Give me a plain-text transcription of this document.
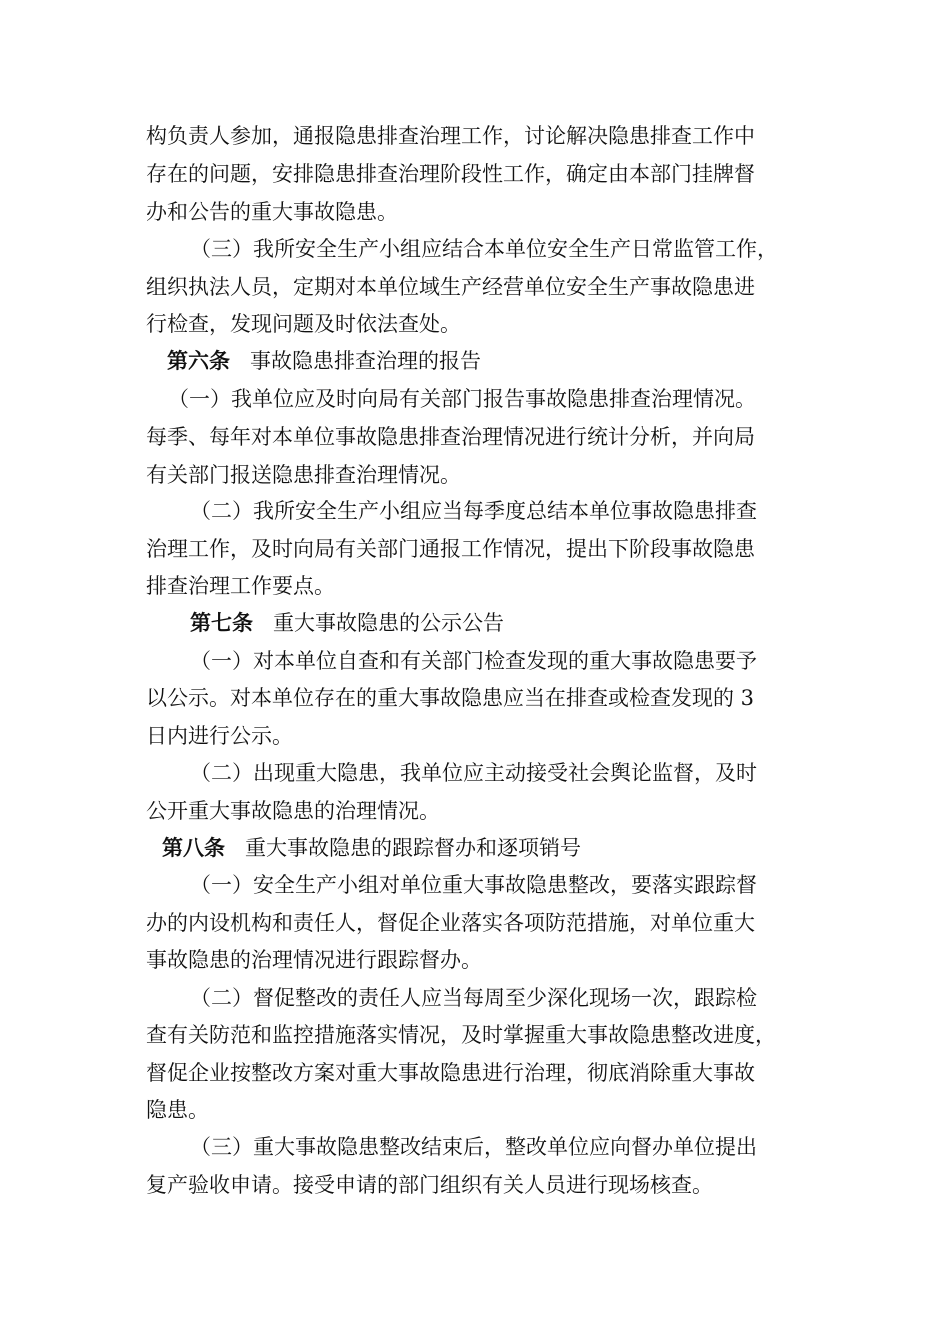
构负责人参加，通报隐患排查治理工作，讨论解决隐患排查工作中
存在的问题，安排隐患排查治理阶段性工作，确定由本部门挂牌督
办和公告的重大事故隐患。
（三）我所安全生产小组应结合本单位安全生产日常监管工作，
组织执法人员，定期对本单位域生产经营单位安全生产事故隐患进
行检查，发现问题及时依法查处。
第六条 事故隐患排查治理的报告
（一）我单位应及时向局有关部门报告事故隐患排查治理情况。
每季、每年对本单位事故隐患排查治理情况进行统计分析，并向局
有关部门报送隐患排查治理情况。
（二）我所安全生产小组应当每季度总结本单位事故隐患排查
治理工作，及时向局有关部门通报工作情况，提出下阶段事故隐患
排查治理工作要点。
第七条 重大事故隐患的公示公告
（一）对本单位自查和有关部门检查发现的重大事故隐患要予
以公示。对本单位存在的重大事故隐患应当在排查或检查发现的 3
日内进行公示。
（二）出现重大隐患，我单位应主动接受社会舆论监督，及时
公开重大事故隐患的治理情况。
第八条 重大事故隐患的跟踪督办和逐项销号
（一）安全生产小组对单位重大事故隐患整改，要落实跟踪督
办的内设机构和责任人，督促企业落实各项防范措施，对单位重大
事故隐患的治理情况进行跟踪督办。
（二）督促整改的责任人应当每周至少深化现场一次，跟踪检
查有关防范和监控措施落实情况，及时掌握重大事故隐患整改进度，
督促企业按整改方案对重大事故隐患进行治理，彻底消除重大事故
隐患。
（三）重大事故隐患整改结束后，整改单位应向督办单位提出
复产验收申请。接受申请的部门组织有关人员进行现场核查。
